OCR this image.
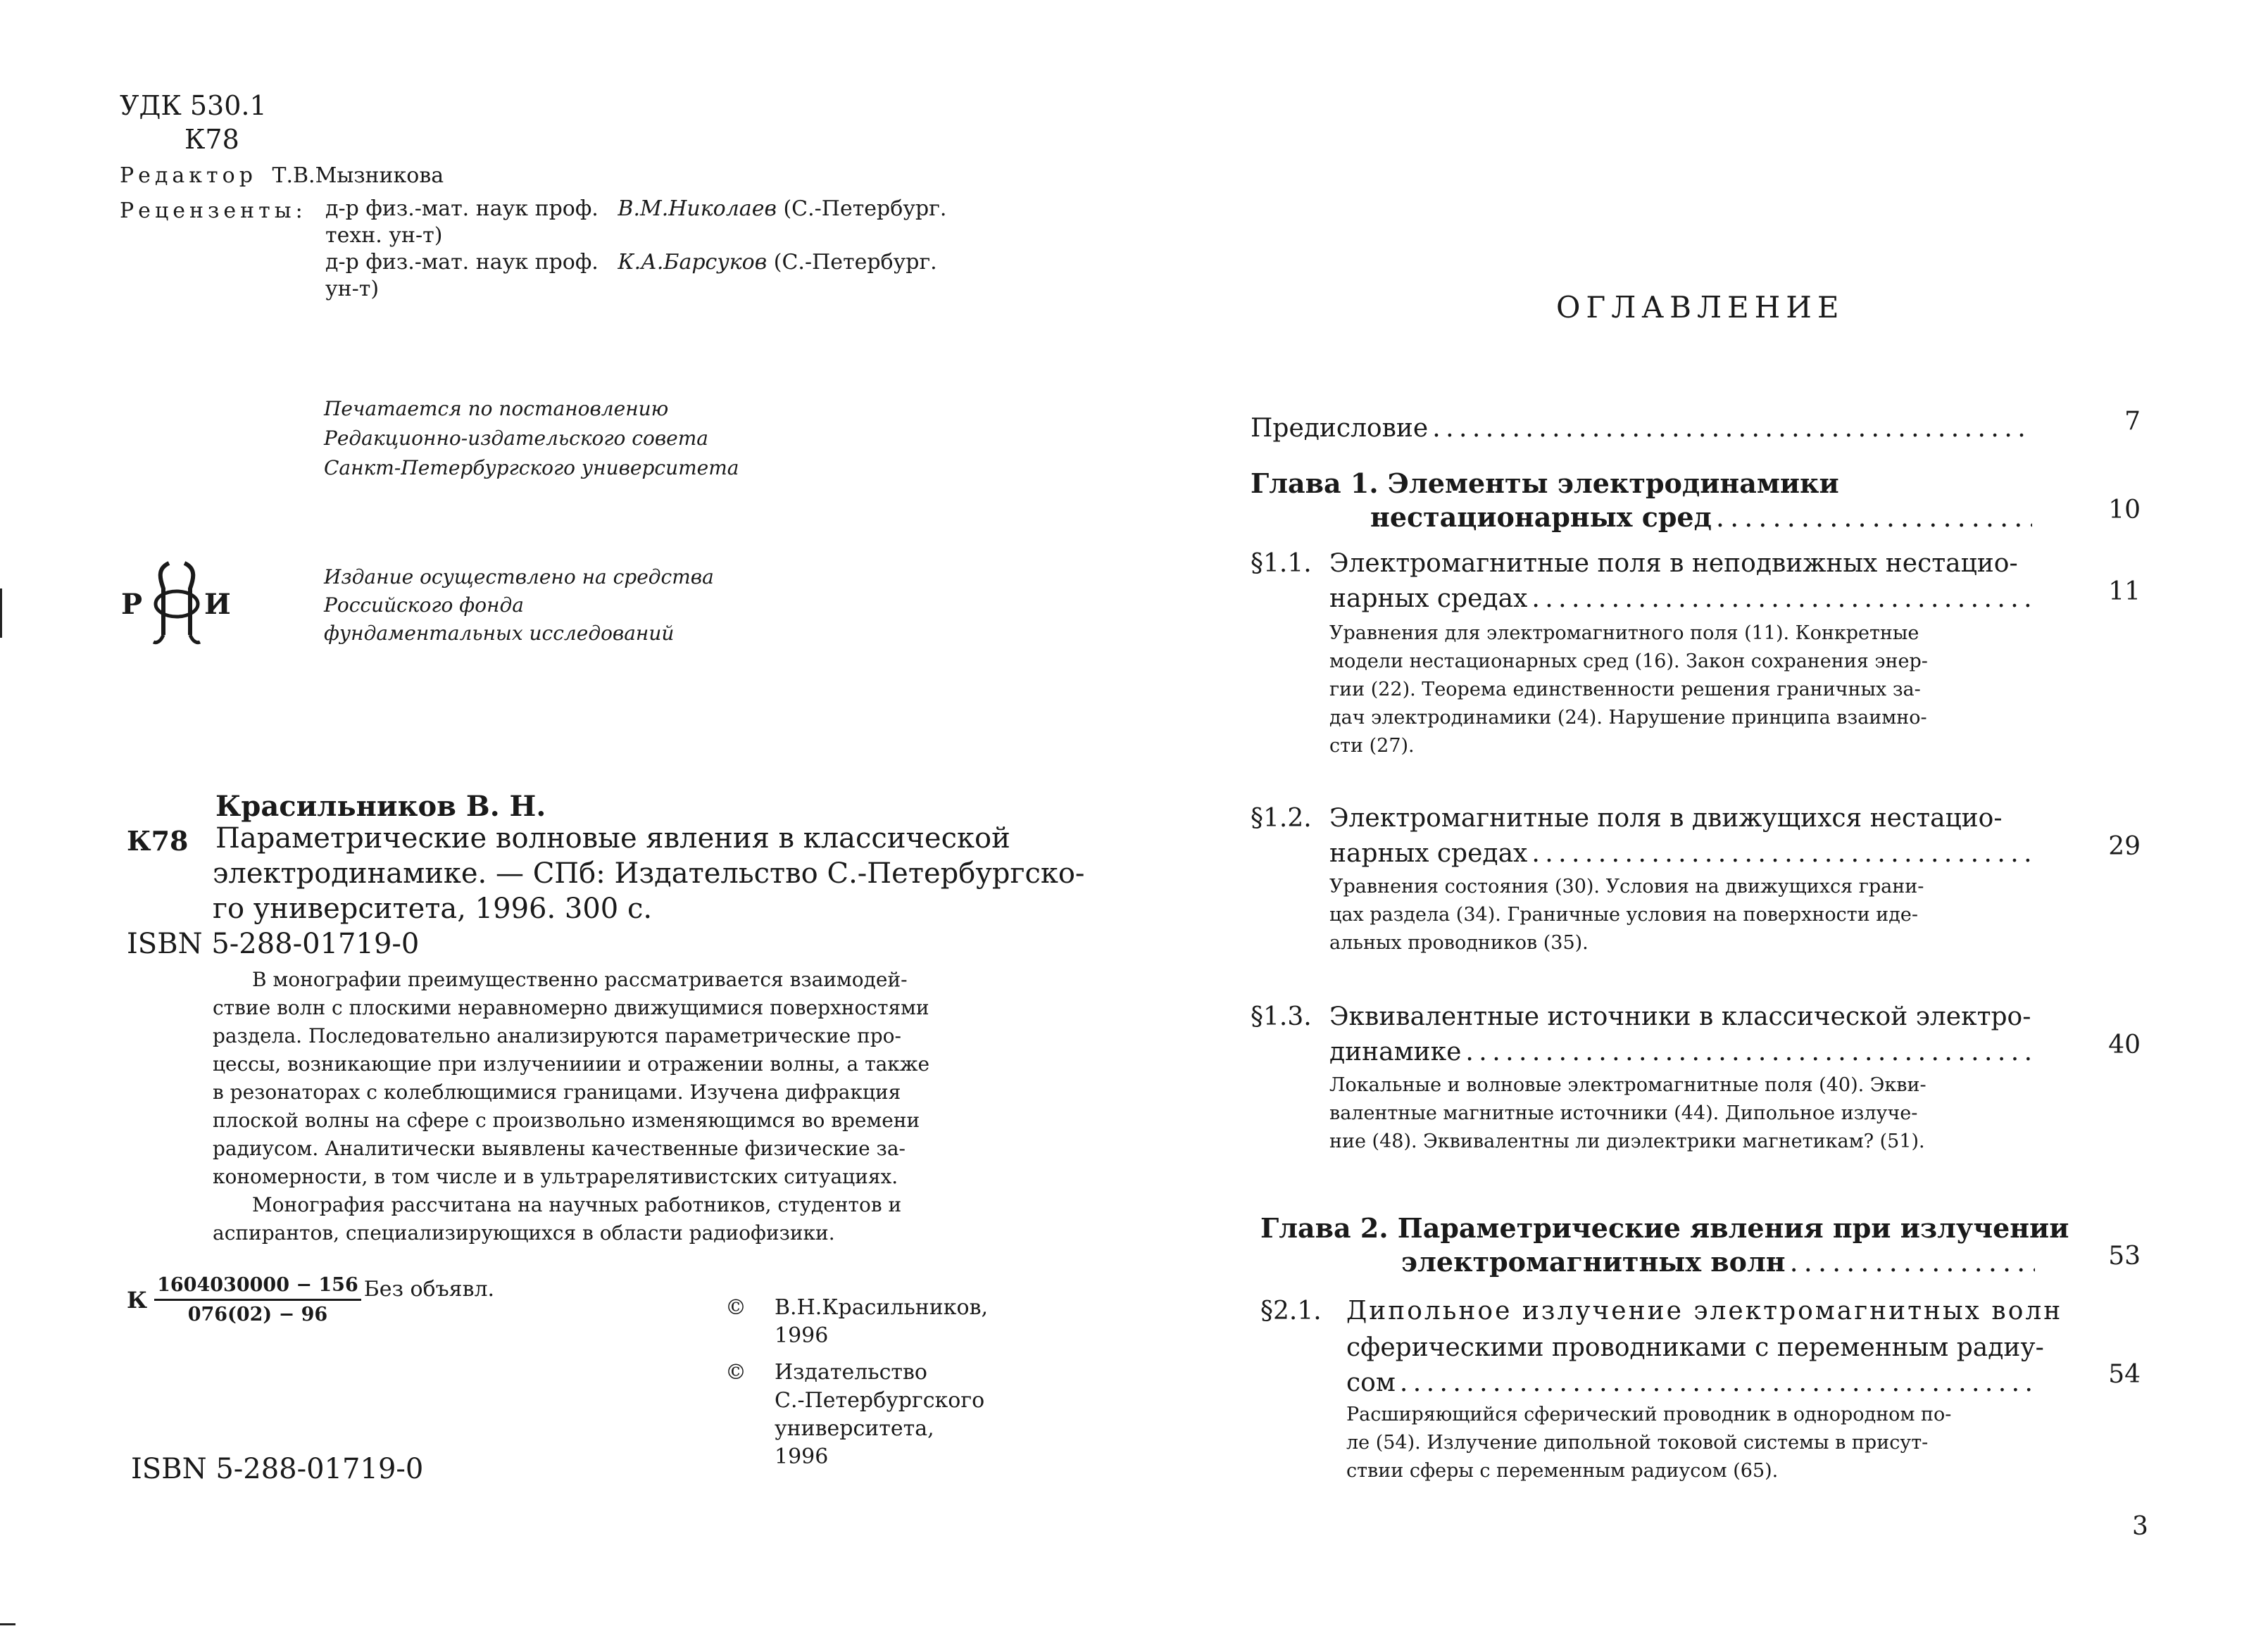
УДК 530.1
К78
Редактор Т.В.Мызникова
Рецензенты: д-р физ.-мат. наук проф. В.М.Николаев (С.-Петербург.
техн. ун-т)
д-р физ.-мат. наук проф. К.А.Барсуков (С.-Петербург.
ун-т)
Печатается по постановлению
Редакционно-издательского совета
Санкт-Петербургского университета
Р И
Издание осуществлено на средства
Российского фонда
фундаментальных исследований
Красильников В. Н.
К78 Параметрические волновые явления в классической
электродинамике. — СПб: Издательство С.-Петербургско-
го университета, 1996. 300 с.
ISBN 5-288-01719-0
В монографии преимущественно рассматривается взаимодей-
ствие волн с плоскими неравномерно движущимися поверхностями
раздела. Последовательно анализируются параметрические про-
цессы, возникающие при излученииии и отражении волны, а также
в резонаторах с колеблющимися границами. Изучена дифракция
плоской волны на сфере с произвольно изменяющимся во времени
радиусом. Аналитически выявлены качественные физические за-
кономерности, в том числе и в ультрарелятивистских ситуациях.
Монография рассчитана на научных работников, студентов и
аспирантов, специализирующихся в области радиофизики.
К $\frac{1604030000 - 156}{076(02) - 96}$ Без объявл.
©	В.Н.Красильников,
1996
©	Издательство
С.-Петербургского
университета,
1996
ISBN 5-288-01719-0
ОГЛАВЛЕНИЕ
Предисловие . . .	7
Глава 1. Элементы электродинамики
нестационарных сред . . .	10
§1.1. Электромагнитные поля в неподвижных нестацио-
нарных средах . . .	11
Уравнения для электромагнитного поля (11). Конкретные
модели нестационарных сред (16). Закон сохранения энер-
гии (22). Теорема единственности решения граничных за-
дач электродинамики (24). Нарушение принципа взаимно-
сти (27).
§1.2. Электромагнитные поля в движущихся нестацио-
нарных средах . . .	29
Уравнения состояния (30). Условия на движущихся грани-
цах раздела (34). Граничные условия на поверхности иде-
альных проводников (35).
§1.3. Эквивалентные источники в классической электро-
динамике . . .	40
Локальные и волновые электромагнитные поля (40). Экви-
валентные магнитные источники (44). Дипольное излуче-
ние (48). Эквивалентны ли диэлектрики магнетикам? (51).
Глава 2. Параметрические явления при излучении
электромагнитных волн . . .	53
§2.1. Дипольное излучение электромагнитных волн
сферическими проводниками с переменным радиу-
сом . . .	54
Расширяющийся сферический проводник в однородном по-
ле (54). Излучение дипольной токовой системы в присут-
ствии сферы с переменным радиусом (65).
3
